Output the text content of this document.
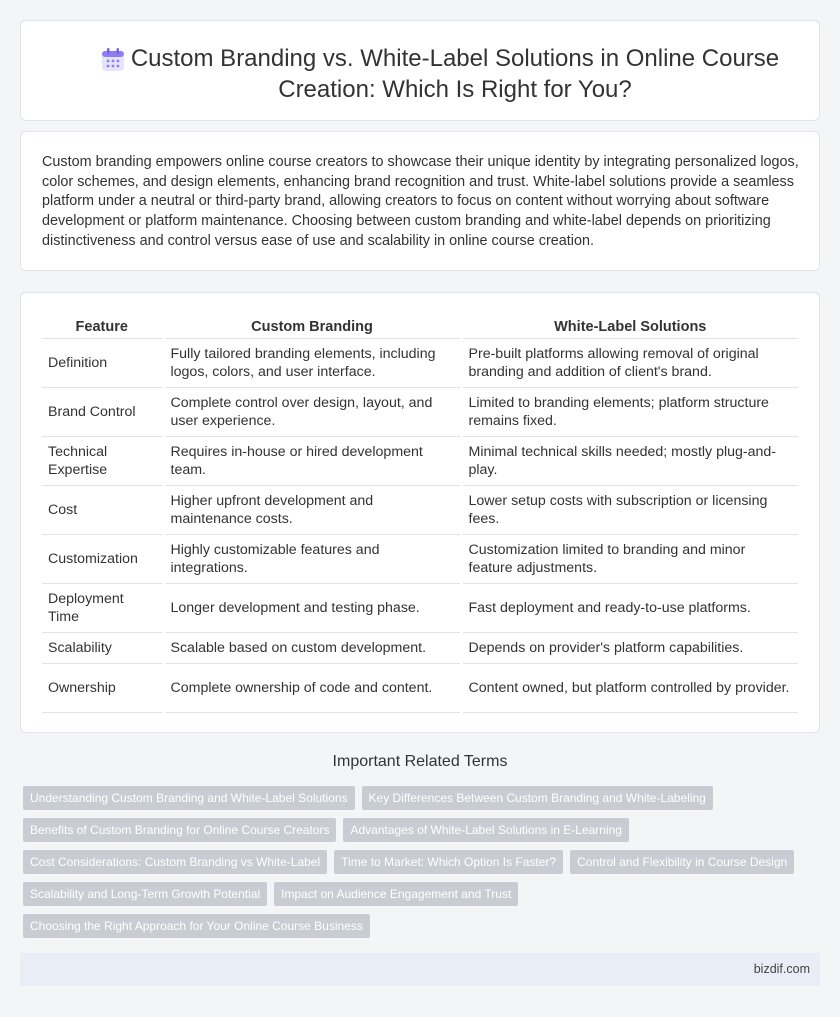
Custom Branding vs. White-Label Solutions in Online Course Creation: Which Is Right for You?

Custom branding empowers online course creators to showcase their unique identity by integrating personalized logos, color schemes, and design elements, enhancing brand recognition and trust. White-label solutions provide a seamless platform under a neutral or third-party brand, allowing creators to focus on content without worrying about software development or platform maintenance. Choosing between custom branding and white-label depends on prioritizing distinctiveness and control versus ease of use and scalability in online course creation.

Feature	Custom Branding	White-Label Solutions
Definition	Fully tailored branding elements, including logos, colors, and user interface.	Pre-built platforms allowing removal of original branding and addition of client's brand.
Brand Control	Complete control over design, layout, and user experience.	Limited to branding elements; platform structure remains fixed.
Technical Expertise	Requires in-house or hired development team.	Minimal technical skills needed; mostly plug-and-play.
Cost	Higher upfront development and maintenance costs.	Lower setup costs with subscription or licensing fees.
Customization	Highly customizable features and integrations.	Customization limited to branding and minor feature adjustments.
Deployment Time	Longer development and testing phase.	Fast deployment and ready-to-use platforms.
Scalability	Scalable based on custom development.	Depends on provider's platform capabilities.
Ownership	Complete ownership of code and content.	Content owned, but platform controlled by provider.
Important Related Terms
Understanding Custom Branding and White-Label Solutions	Key Differences Between Custom Branding and White-Labeling
Benefits of Custom Branding for Online Course Creators	Advantages of White-Label Solutions in E-Learning
Cost Considerations: Custom Branding vs White-Label	Time to Market: Which Option Is Faster?	Control and Flexibility in Course Design
Scalability and Long-Term Growth Potential	Impact on Audience Engagement and Trust
Choosing the Right Approach for Your Online Course Business
bizdif.com
